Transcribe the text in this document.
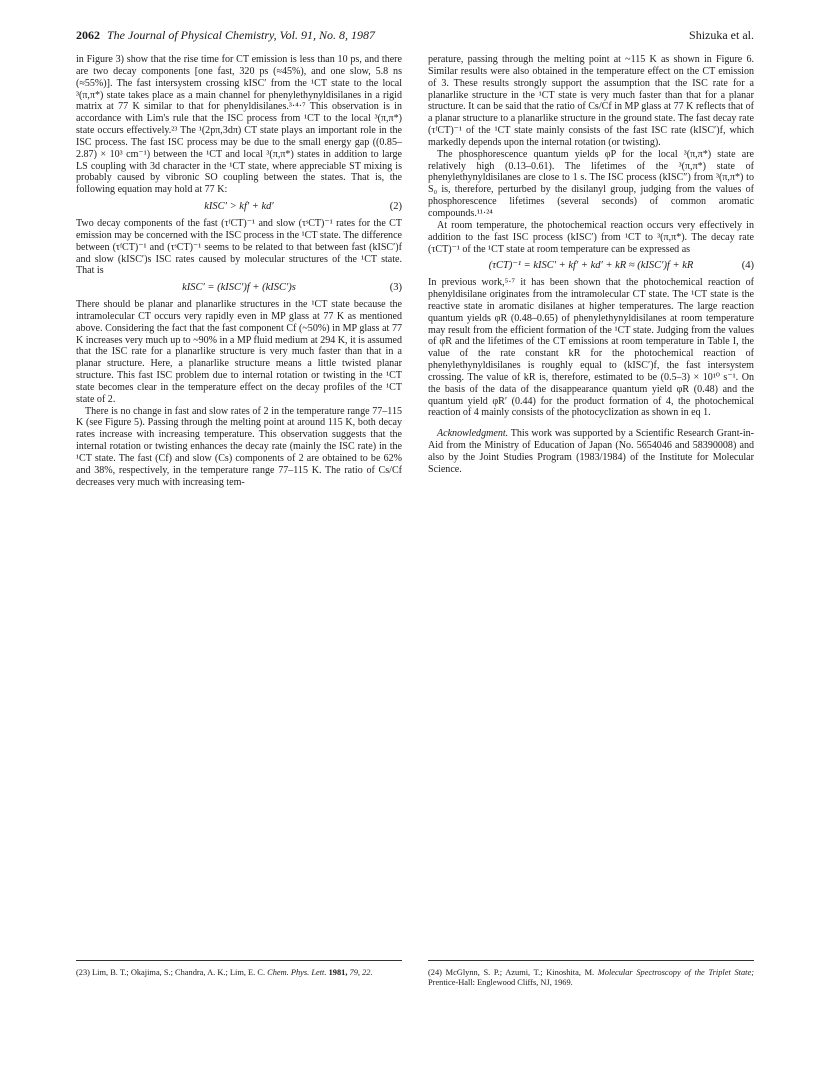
2062 The Journal of Physical Chemistry, Vol. 91, No. 8, 1987	Shizuka et al.

in Figure 3) show that the rise time for CT emission is less than 10 ps, and there are two decay components [one fast, 320 ps (≈45%), and one slow, 5.8 ns (≈55%)]. The fast intersystem crossing kISC′ from the ¹CT state to the local ³(π,π*) state takes place as a main channel for phenylethynyldisilanes in a rigid matrix at 77 K similar to that for phenyldisilanes.³·⁴·⁷ This observation is in accordance with Lim's rule that the ISC process from ¹CT to the local ³(π,π*) state occurs effectively.²³ The ¹(2pπ,3dπ) CT state plays an important role in the ISC process. The fast ISC process may be due to the small energy gap ((0.85–2.87) × 10³ cm⁻¹) between the ¹CT and local ³(π,π*) states in addition to large LS coupling with 3d character in the ¹CT state, where appreciable ST mixing is probably caused by vibronic SO coupling between the states. That is, the following equation may hold at 77 K:

kISC′ > kf′ + kd′	(2)

Two decay components of the fast (τᶠCT)⁻¹ and slow (τˢCT)⁻¹ rates for the CT emission may be concerned with the ISC process in the ¹CT state. The difference between (τᶠCT)⁻¹ and (τˢCT)⁻¹ seems to be related to that between fast (kISC′)f and slow (kISC′)s ISC rates caused by molecular structures of the ¹CT state. That is

kISC′ = (kISC′)f + (kISC′)s	(3)

There should be planar and planarlike structures in the ¹CT state because the intramolecular CT occurs very rapidly even in MP glass at 77 K as mentioned above. Considering the fact that the fast component Cf (~50%) in MP glass at 77 K increases very much up to ~90% in a MP fluid medium at 294 K, it is assumed that the ISC rate for a planarlike structure is very much faster than that in a planar structure. Here, a planarlike structure means a little twisted planar structure. This fast ISC problem due to internal rotation or twisting in the ¹CT state becomes clear in the temperature effect on the decay profiles of the ¹CT state of 2.

There is no change in fast and slow rates of 2 in the temperature range 77–115 K (see Figure 5). Passing through the melting point at around 115 K, both decay rates increase with increasing temperature. This observation suggests that the internal rotation or twisting enhances the decay rate (mainly the ISC rate) in the ¹CT state. The fast (Cf) and slow (Cs) components of 2 are obtained to be 62% and 38%, respectively, in the temperature range 77–115 K. The ratio of Cs/Cf decreases very much with increasing tem-

perature, passing through the melting point at ~115 K as shown in Figure 6. Similar results were also obtained in the temperature effect on the CT emission of 3. These results strongly support the assumption that the ISC rate for a planarlike structure in the ¹CT state is very much faster than that for a planar structure. It can be said that the ratio of Cs/Cf in MP glass at 77 K reflects that of a planar structure to a planarlike structure in the ground state. The fast decay rate (τᶠCT)⁻¹ of the ¹CT state mainly consists of the fast ISC rate (kISC′)f, which markedly depends upon the internal rotation (or twisting).

The phosphorescence quantum yields φP for the local ³(π,π*) state are relatively high (0.13–0.61). The lifetimes of the ³(π,π*) state of phenylethynyldisilanes are close to 1 s. The ISC process (kISC″) from ³(π,π*) to S₀ is, therefore, perturbed by the disilanyl group, judging from the values of phosphorescence lifetimes (several seconds) of common aromatic compounds.¹¹·²⁴

At room temperature, the photochemical reaction occurs very effectively in addition to the fast ISC process (kISC′) from ¹CT to ³(π,π*). The decay rate (τCT)⁻¹ of the ¹CT state at room temperature can be expressed as

(τCT)⁻¹ = kISC′ + kf′ + kd′ + kR ≈ (kISC′)f + kR	(4)

In previous work,⁵·⁷ it has been shown that the photochemical reaction of phenyldisilane originates from the intramolecular CT state. The ¹CT state is the reactive state in aromatic disilanes at higher temperatures. The large reaction quantum yields φR (0.48–0.65) of phenylethynyldisilanes at room temperature may result from the efficient formation of the ¹CT state. Judging from the values of φR and the lifetimes of the CT emissions at room temperature in Table I, the value of the rate constant kR for the photochemical reaction of phenylethynyldisilanes is roughly equal to (kISC′)f, the fast intersystem crossing. The value of kR is, therefore, estimated to be (0.5–3) × 10¹⁰ s⁻¹. On the basis of the data of the disappearance quantum yield φR (0.48) and the quantum yield φR′ (0.44) for the product formation of 4, the photochemical reaction of 4 mainly consists of the photocyclization as shown in eq 1.

Acknowledgment. This work was supported by a Scientific Research Grant-in-Aid from the Ministry of Education of Japan (No. 5654046 and 58390008) and also by the Joint Studies Program (1983/1984) of the Institute for Molecular Science.

(23) Lim, B. T.; Okajima, S.; Chandra, A. K.; Lim, E. C. Chem. Phys. Lett. 1981, 79, 22.	(24) McGlynn, S. P.; Azumi, T.; Kinoshita, M. Molecular Spectroscopy of the Triplet State; Prentice-Hall: Englewood Cliffs, NJ, 1969.
